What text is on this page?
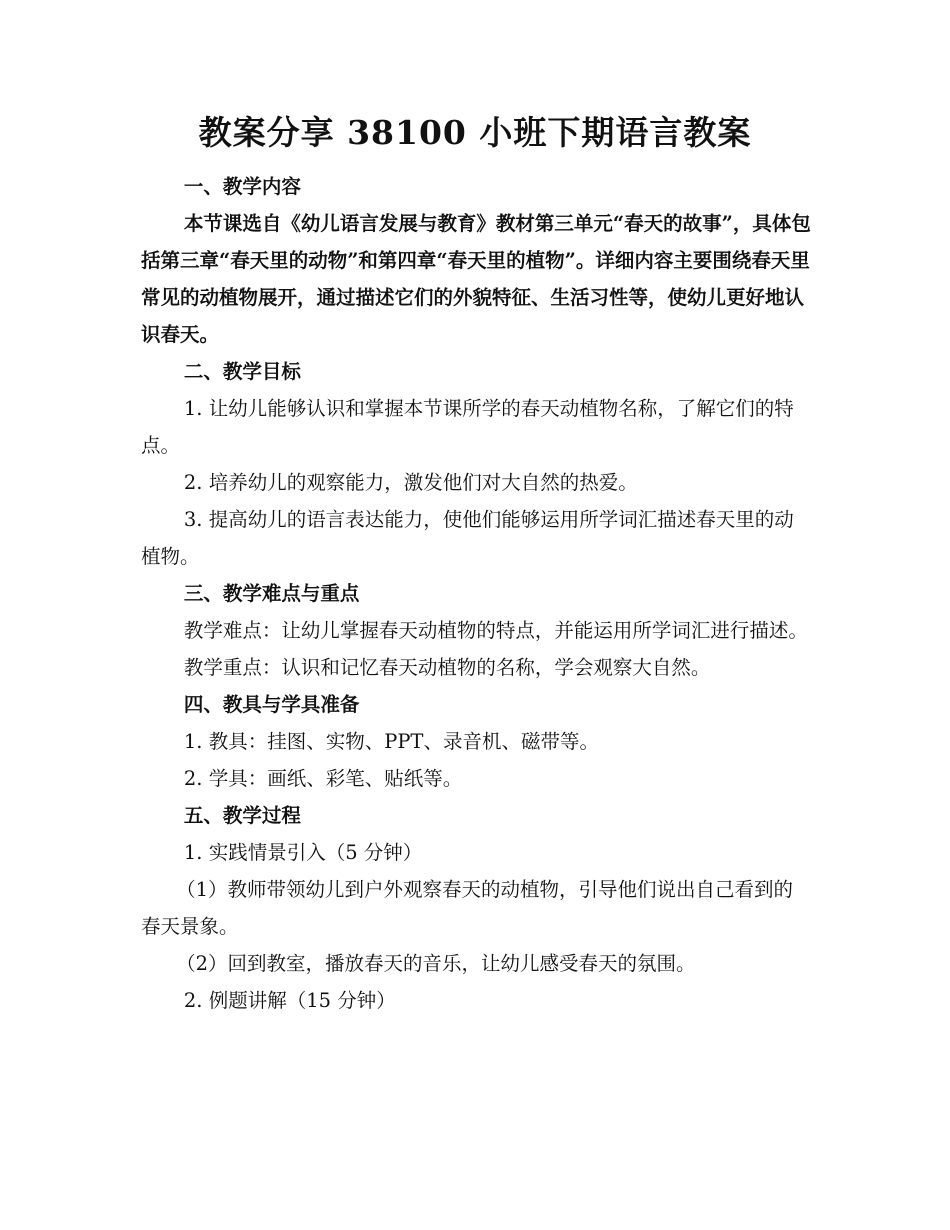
教案分享 38100 小班下期语言教案

一、教学内容

本节课选自《幼儿语言发展与教育》教材第三单元“春天的故事”，具体包括第三章“春天里的动物”和第四章“春天里的植物”。详细内容主要围绕春天里常见的动植物展开，通过描述它们的外貌特征、生活习性等，使幼儿更好地认识春天。

二、教学目标

1. 让幼儿能够认识和掌握本节课所学的春天动植物名称，了解它们的特点。

2. 培养幼儿的观察能力，激发他们对大自然的热爱。

3. 提高幼儿的语言表达能力，使他们能够运用所学词汇描述春天里的动植物。

三、教学难点与重点

教学难点：让幼儿掌握春天动植物的特点，并能运用所学词汇进行描述。

教学重点：认识和记忆春天动植物的名称，学会观察大自然。

四、教具与学具准备

1. 教具：挂图、实物、PPT、录音机、磁带等。

2. 学具：画纸、彩笔、贴纸等。

五、教学过程

1. 实践情景引入（5 分钟）

（1）教师带领幼儿到户外观察春天的动植物，引导他们说出自己看到的春天景象。

（2）回到教室，播放春天的音乐，让幼儿感受春天的氛围。

2. 例题讲解（15 分钟）
